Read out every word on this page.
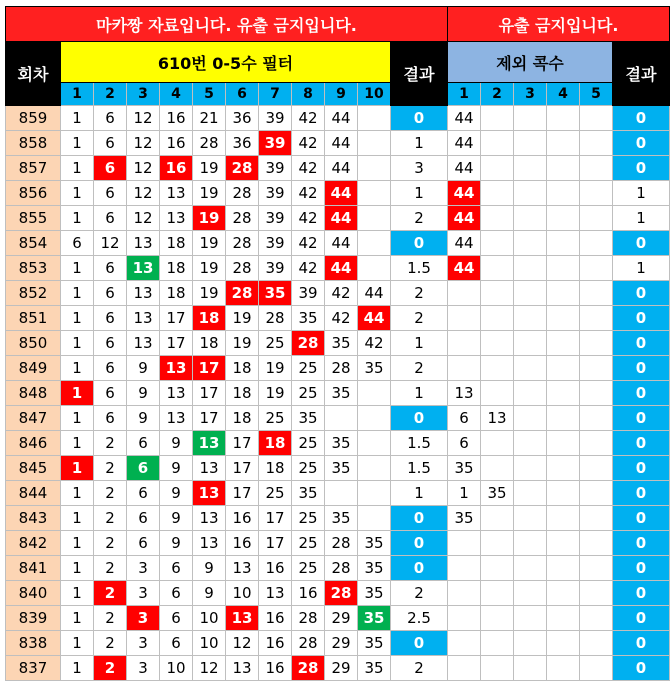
마카짱 자료입니다. 유출 금지입니다.												유출 금지입니다.					
회차	610번 0-5수 필터										결과	제외 콕수					결과
	1	2	3	4	5	6	7	8	9	10		1	2	3	4	5	
859	1	6	12	16	21	36	39	42	44		0	44					0
858	1	6	12	16	28	36	39	42	44		1	44					0
857	1	6	12	16	19	28	39	42	44		3	44					0
856	1	6	12	13	19	28	39	42	44		1	44					1
855	1	6	12	13	19	28	39	42	44		2	44					1
854	6	12	13	18	19	28	39	42	44		0	44					0
853	1	6	13	18	19	28	39	42	44		1.5	44					1
852	1	6	13	18	19	28	35	39	42	44	2						0
851	1	6	13	17	18	19	28	35	42	44	2						0
850	1	6	13	17	18	19	25	28	35	42	1						0
849	1	6	9	13	17	18	19	25	28	35	2						0
848	1	6	9	13	17	18	19	25	35		1	13					0
847	1	6	9	13	17	18	25	35			0	6	13				0
846	1	2	6	9	13	17	18	25	35		1.5	6					0
845	1	2	6	9	13	17	18	25	35		1.5	35					0
844	1	2	6	9	13	17	25	35			1	1	35				0
843	1	2	6	9	13	16	17	25	35		0	35					0
842	1	2	6	9	13	16	17	25	28	35	0						0
841	1	2	3	6	9	13	16	25	28	35	0						0
840	1	2	3	6	9	10	13	16	28	35	2						0
839	1	2	3	6	10	13	16	28	29	35	2.5						0
838	1	2	3	6	10	12	16	28	29	35	0						0
837	1	2	3	10	12	13	16	28	29	35	2						0
